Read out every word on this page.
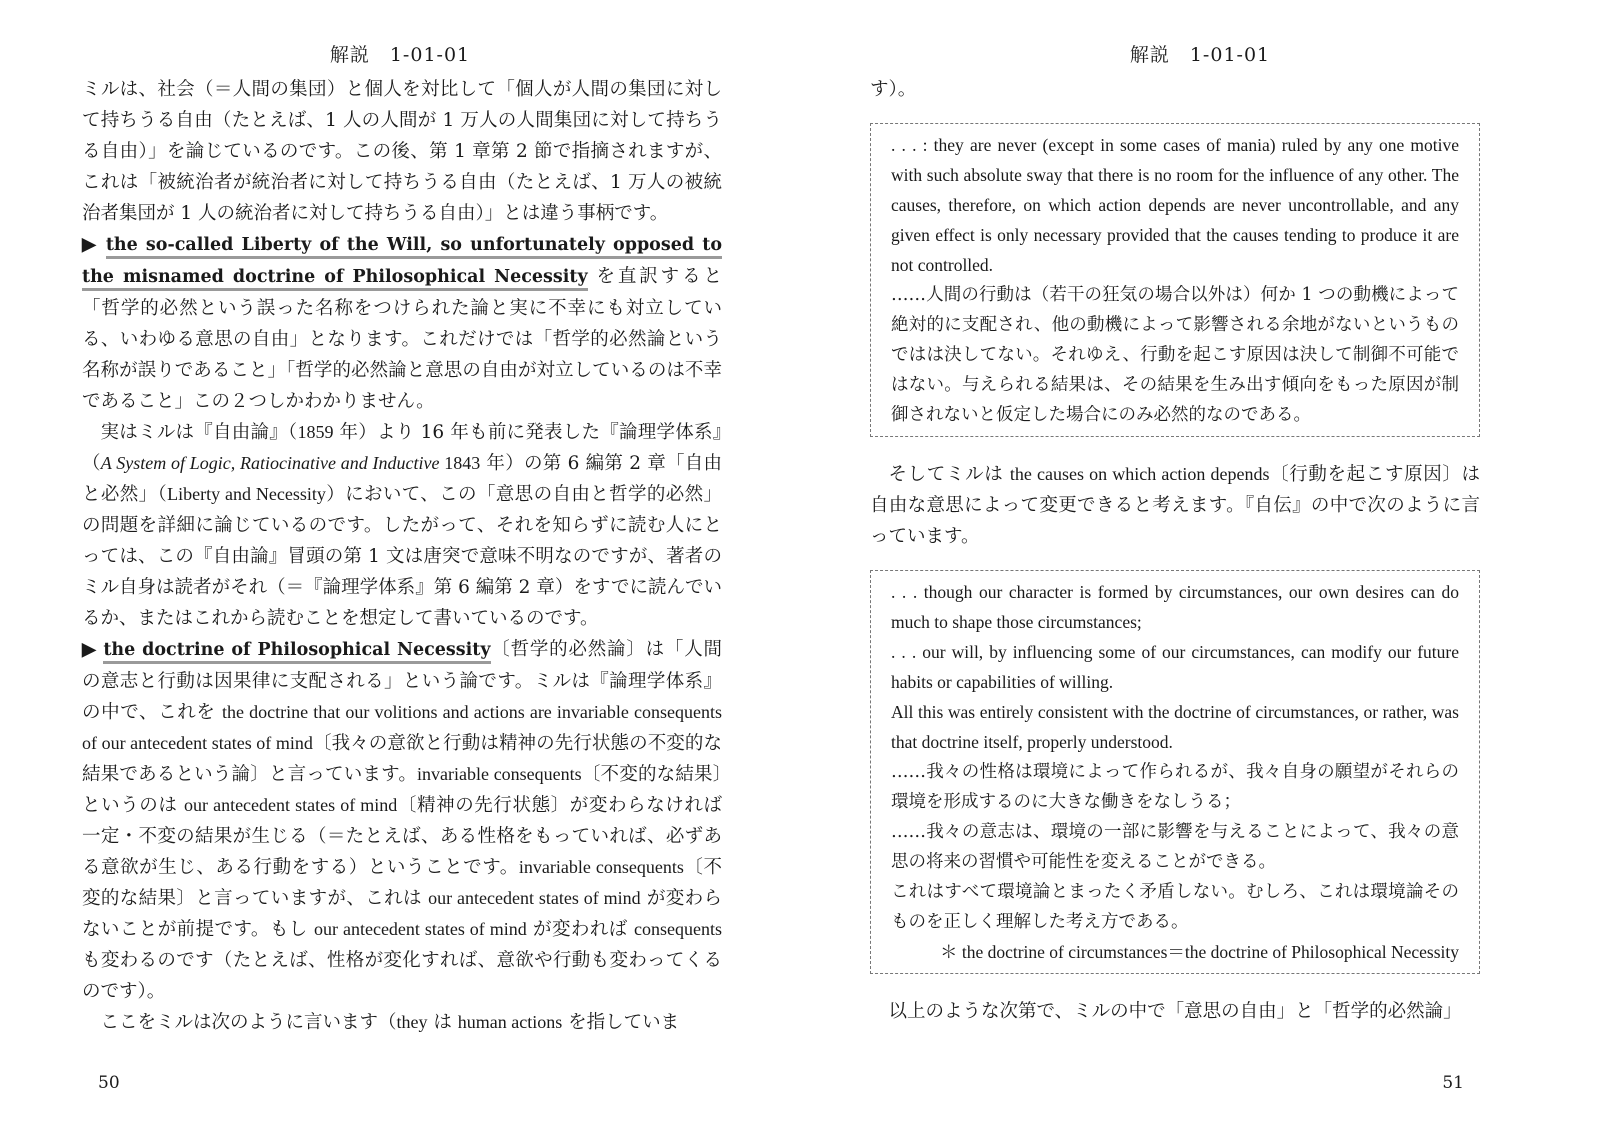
解説　1-01-01

ミルは、社会（＝人間の集団）と個人を対比して「個人が人間の集団に対して持ちうる自由（たとえば、1 人の人間が 1 万人の人間集団に対して持ちうる自由）」を論じているのです。この後、第 1 章第 2 節で指摘されますが、これは「被統治者が統治者に対して持ちうる自由（たとえば、1 万人の被統治者集団が 1 人の統治者に対して持ちうる自由）」とは違う事柄です。

▶ the so-called Liberty of the Will, so unfortunately opposed to the misnamed doctrine of Philosophical Necessity を直訳すると「哲学的必然という誤った名称をつけられた論と実に不幸にも対立している、いわゆる意思の自由」となります。これだけでは「哲学的必然論という名称が誤りであること」「哲学的必然論と意思の自由が対立しているのは不幸であること」この２つしかわかりません。

実はミルは『自由論』（1859 年）より 16 年も前に発表した『論理学体系』（A System of Logic, Ratiocinative and Inductive 1843 年）の第 6 編第 2 章「自由と必然」（Liberty and Necessity）において、この「意思の自由と哲学的必然」の問題を詳細に論じているのです。したがって、それを知らずに読む人にとっては、この『自由論』冒頭の第 1 文は唐突で意味不明なのですが、著者のミル自身は読者がそれ（＝『論理学体系』第 6 編第 2 章）をすでに読んでいるか、またはこれから読むことを想定して書いているのです。

▶ the doctrine of Philosophical Necessity〔哲学的必然論〕は「人間の意志と行動は因果律に支配される」という論です。ミルは『論理学体系』の中で、これを the doctrine that our volitions and actions are invariable consequents of our antecedent states of mind〔我々の意欲と行動は精神の先行状態の不変的な結果であるという論〕と言っています。invariable consequents〔不変的な結果〕というのは our antecedent states of mind〔精神の先行状態〕が変わらなければ一定・不変の結果が生じる（＝たとえば、ある性格をもっていれば、必ずある意欲が生じ、ある行動をする）ということです。invariable consequents〔不変的な結果〕と言っていますが、これは our antecedent states of mind が変わらないことが前提です。もし our antecedent states of mind が変われば consequents も変わるのです（たとえば、性格が変化すれば、意欲や行動も変わってくるのです）。

ここをミルは次のように言います（they は human actions を指していま

50
解説　1-01-01

す）。

. . . : they are never (except in some cases of mania) ruled by any one motive with such absolute sway that there is no room for the influence of any other. The causes, therefore, on which action depends are never uncontrollable, and any given effect is only necessary provided that the causes tending to produce it are not controlled.

……人間の行動は（若干の狂気の場合以外は）何か 1 つの動機によって絶対的に支配され、他の動機によって影響される余地がないというものではは決してない。それゆえ、行動を起こす原因は決して制御不可能ではない。与えられる結果は、その結果を生み出す傾向をもった原因が制御されないと仮定した場合にのみ必然的なのである。

そしてミルは the causes on which action depends〔行動を起こす原因〕は自由な意思によって変更できると考えます。『自伝』の中で次のように言っています。

. . . though our character is formed by circumstances, our own desires can do much to shape those circumstances;

. . . our will, by influencing some of our circumstances, can modify our future habits or capabilities of willing.

All this was entirely consistent with the doctrine of circumstances, or rather, was that doctrine itself, properly understood.

……我々の性格は環境によって作られるが、我々自身の願望がそれらの環境を形成するのに大きな働きをなしうる；

……我々の意志は、環境の一部に影響を与えることによって、我々の意思の将来の習慣や可能性を変えることができる。

これはすべて環境論とまったく矛盾しない。むしろ、これは環境論そのものを正しく理解した考え方である。

＊ the doctrine of circumstances＝the doctrine of Philosophical Necessity

以上のような次第で、ミルの中で「意思の自由」と「哲学的必然論」

51
